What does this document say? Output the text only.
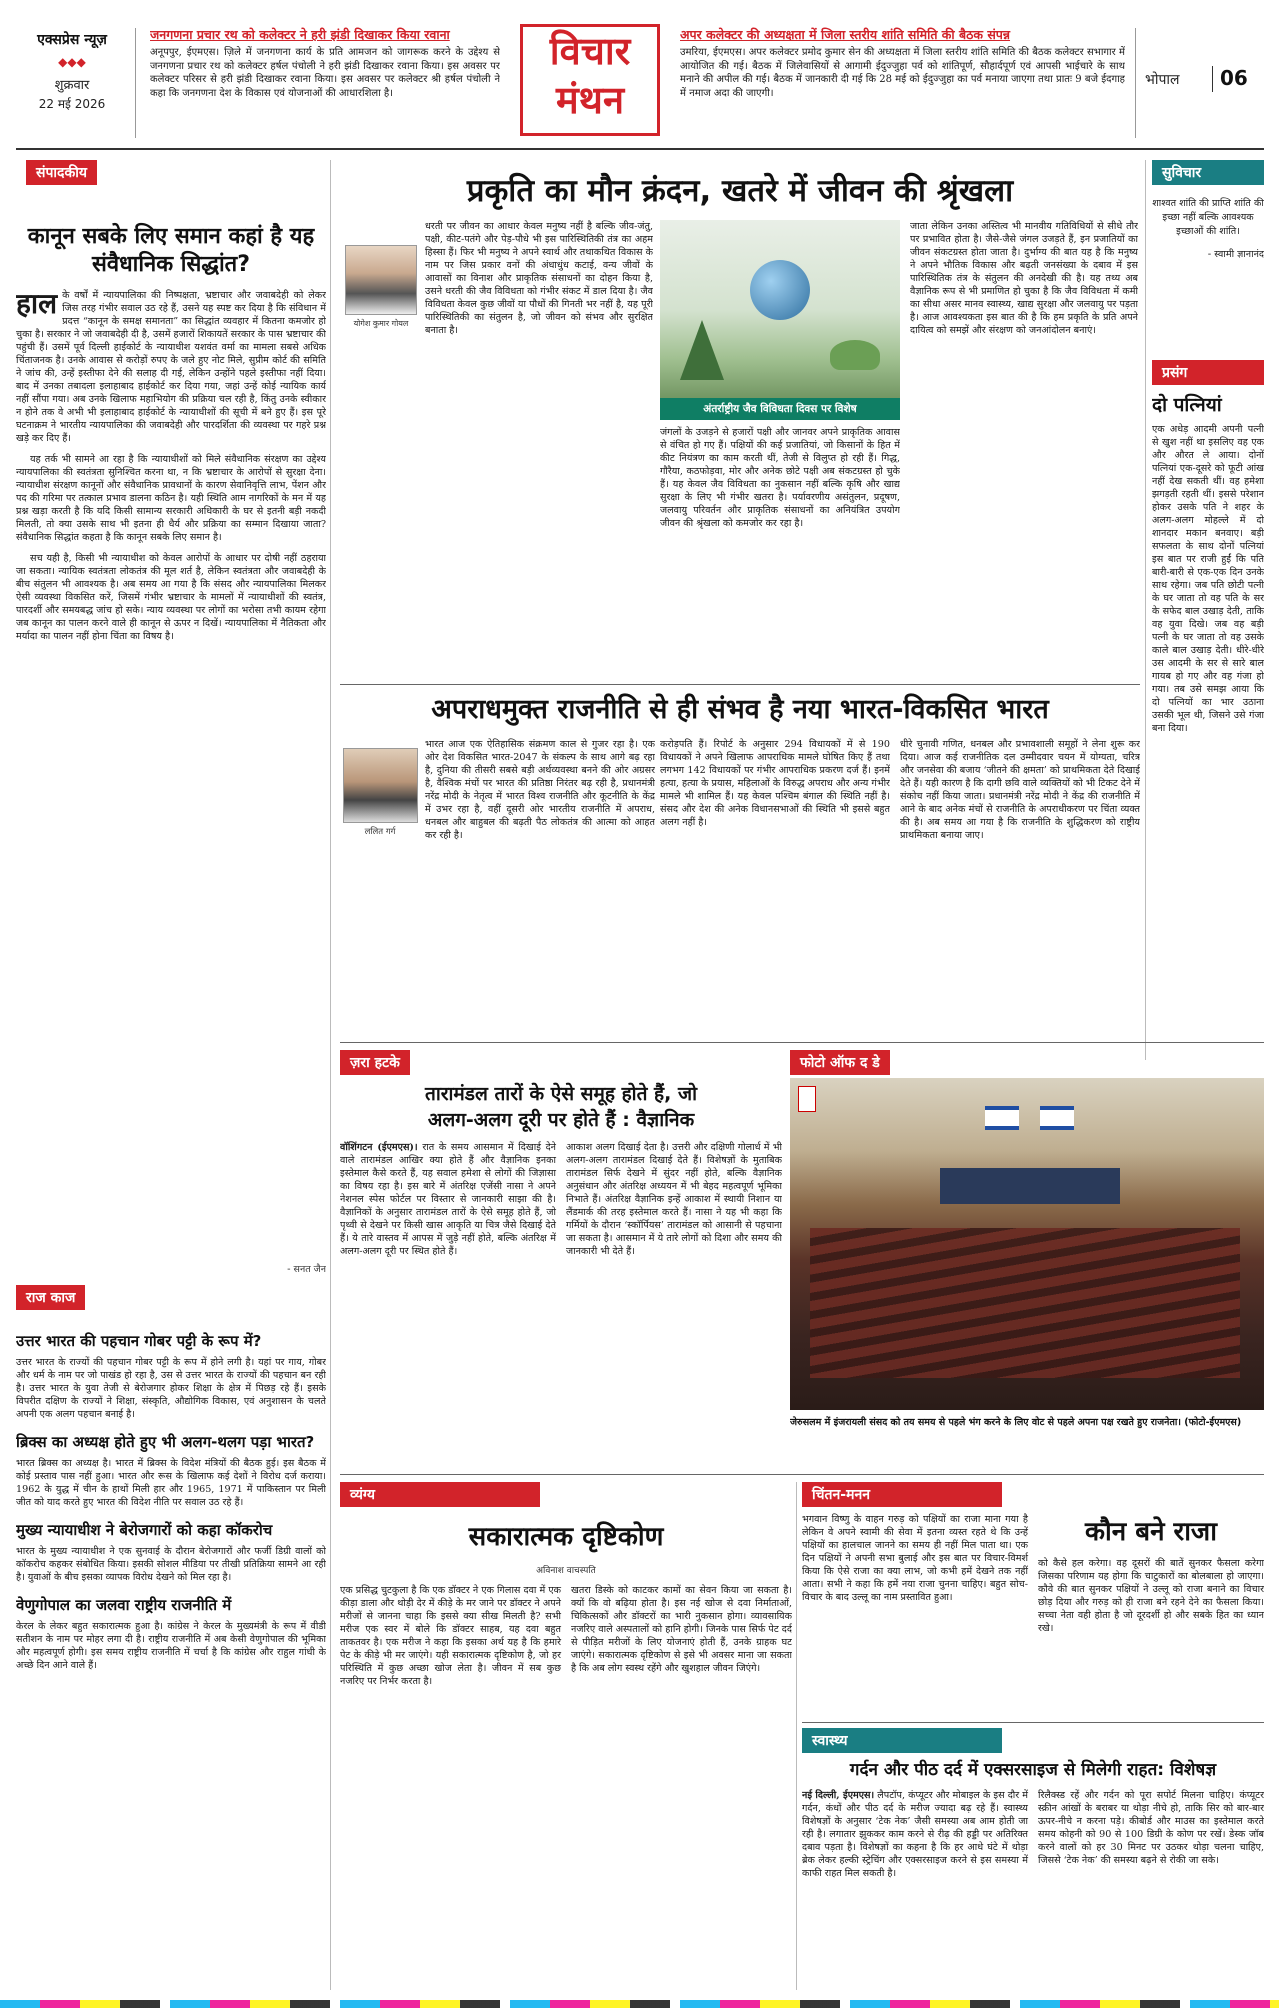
एक्सप्रेस न्यूज़
◆◆◆
शुक्रवार
22 मई 2026
जनगणना प्रचार रथ को कलेक्टर ने हरी झंडी दिखाकर किया रवाना
अनूपपुर, ईएमएस। ज़िले में जनगणना कार्य के प्रति आमजन को जागरूक करने के उद्देश्य से जनगणना प्रचार रथ को कलेक्टर हर्षल पंचोली ने हरी झंडी दिखाकर रवाना किया। इस अवसर पर कलेक्टर परिसर से हरी झंडी दिखाकर रवाना किया। इस अवसर पर कलेक्टर श्री हर्षल पंचोली ने कहा कि जनगणना देश के विकास एवं योजनाओं की आधारशिला है।
विचार
मंथन
अपर कलेक्टर की अध्यक्षता में जिला स्तरीय शांति समिति की बैठक संपन्न
उमरिया, ईएमएस। अपर कलेक्टर प्रमोद कुमार सेन की अध्यक्षता में जिला स्तरीय शांति समिति की बैठक कलेक्टर सभागार में आयोजित की गई। बैठक में जिलेवासियों से आगामी ईदुज्जुहा पर्व को शांतिपूर्ण, सौहार्दपूर्ण एवं आपसी भाईचारे के साथ मनाने की अपील की गई। बैठक में जानकारी दी गई कि 28 मई को ईदुज्जुहा का पर्व मनाया जाएगा तथा प्रातः 9 बजे ईदगाह में नमाज अदा की जाएगी।
भोपाल	06
संपादकीय
कानून सबके लिए समान कहां है यह संवैधानिक सिद्धांत?
हाल के वर्षों में न्यायपालिका की निष्पक्षता, भ्रष्टाचार और जवाबदेही को लेकर जिस तरह गंभीर सवाल उठ रहे हैं, उसने यह स्पष्ट कर दिया है कि संविधान में प्रदत्त “कानून के समक्ष समानता” का सिद्धांत व्यवहार में कितना कमजोर हो चुका है। सरकार ने जो जवाबदेही दी है, उसमें हजारों शिकायतें सरकार के पास भ्रष्टाचार की पहुंची हैं। उसमें पूर्व दिल्ली हाईकोर्ट के न्यायाधीश यशवंत वर्मा का मामला सबसे अधिक चिंताजनक है। उनके आवास से करोड़ों रुपए के जले हुए नोट मिले, सुप्रीम कोर्ट की समिति ने जांच की, उन्हें इस्तीफा देने की सलाह दी गई, लेकिन उन्होंने पहले इस्तीफा नहीं दिया। बाद में उनका तबादला इलाहाबाद हाईकोर्ट कर दिया गया, जहां उन्हें कोई न्यायिक कार्य नहीं सौंपा गया। अब उनके खिलाफ महाभियोग की प्रक्रिया चल रही है, किंतु उनके स्वीकार न होने तक वे अभी भी इलाहाबाद हाईकोर्ट के न्यायाधीशों की सूची में बने हुए हैं। इस पूरे घटनाक्रम ने भारतीय न्यायपालिका की जवाबदेही और पारदर्शिता की व्यवस्था पर गहरे प्रश्न खड़े कर दिए हैं।
यह तर्क भी सामने आ रहा है कि न्यायाधीशों को मिले संवैधानिक संरक्षण का उद्देश्य न्यायपालिका की स्वतंत्रता सुनिश्चित करना था, न कि भ्रष्टाचार के आरोपों से सुरक्षा देना। न्यायाधीश संरक्षण कानूनों और संवैधानिक प्रावधानों के कारण सेवानिवृत्ति लाभ, पेंशन और पद की गरिमा पर तत्काल प्रभाव डालना कठिन है। यही स्थिति आम नागरिकों के मन में यह प्रश्न खड़ा करती है कि यदि किसी सामान्य सरकारी अधिकारी के घर से इतनी बड़ी नकदी मिलती, तो क्या उसके साथ भी इतना ही धैर्य और प्रक्रिया का सम्मान दिखाया जाता? संवैधानिक सिद्धांत कहता है कि कानून सबके लिए समान है।
सच यही है, किसी भी न्यायाधीश को केवल आरोपों के आधार पर दोषी नहीं ठहराया जा सकता। न्यायिक स्वतंत्रता लोकतंत्र की मूल शर्त है, लेकिन स्वतंत्रता और जवाबदेही के बीच संतुलन भी आवश्यक है। अब समय आ गया है कि संसद और न्यायपालिका मिलकर ऐसी व्यवस्था विकसित करें, जिसमें गंभीर भ्रष्टाचार के मामलों में न्यायाधीशों की स्वतंत्र, पारदर्शी और समयबद्ध जांच हो सके। न्याय व्यवस्था पर लोगों का भरोसा तभी कायम रहेगा जब कानून का पालन करने वाले ही कानून से ऊपर न दिखें। न्यायपालिका में नैतिकता और मर्यादा का पालन नहीं होना चिंता का विषय है।
- सनत जैन
राज काज
उत्तर भारत की पहचान गोबर पट्टी के रूप में?
उत्तर भारत के राज्यों की पहचान गोबर पट्टी के रूप में होने लगी है। यहां पर गाय, गोबर और धर्म के नाम पर जो पाखंड हो रहा है, उस से उत्तर भारत के राज्यों की पहचान बन रही है। उत्तर भारत के युवा तेजी से बेरोजगार होकर शिक्षा के क्षेत्र में पिछड़ रहे हैं। इसके विपरीत दक्षिण के राज्यों ने शिक्षा, संस्कृति, औद्योगिक विकास, एवं अनुशासन के चलते अपनी एक अलग पहचान बनाई है।
ब्रिक्स का अध्यक्ष होते हुए भी अलग-थलग पड़ा भारत?
भारत ब्रिक्स का अध्यक्ष है। भारत में ब्रिक्स के विदेश मंत्रियों की बैठक हुई। इस बैठक में कोई प्रस्ताव पास नहीं हुआ। भारत और रूस के खिलाफ कई देशों ने विरोध दर्ज कराया। 1962 के युद्ध में चीन के हाथों मिली हार और 1965, 1971 में पाकिस्तान पर मिली जीत को याद करते हुए भारत की विदेश नीति पर सवाल उठ रहे हैं।
मुख्य न्यायाधीश ने बेरोजगारों को कहा कॉकरोच
भारत के मुख्य न्यायाधीश ने एक सुनवाई के दौरान बेरोजगारों और फर्जी डिग्री वालों को कॉकरोच कहकर संबोधित किया। इसकी सोशल मीडिया पर तीखी प्रतिक्रिया सामने आ रही है। युवाओं के बीच इसका व्यापक विरोध देखने को मिल रहा है।
वेणुगोपाल का जलवा राष्ट्रीय राजनीति में
केरल के लेकर बहुत सकारात्मक हुआ है। कांग्रेस ने केरल के मुख्यमंत्री के रूप में वीडी सतीशन के नाम पर मोहर लगा दी है। राष्ट्रीय राजनीति में अब केसी वेणुगोपाल की भूमिका और महत्वपूर्ण होगी। इस समय राष्ट्रीय राजनीति में चर्चा है कि कांग्रेस और राहुल गांधी के अच्छे दिन आने वाले हैं।
प्रकृति का मौन क्रंदन, खतरे में जीवन की श्रृंखला
योगेश कुमार गोयल
धरती पर जीवन का आधार केवल मनुष्य नहीं है बल्कि जीव-जंतु, पक्षी, कीट-पतंगे और पेड़-पौधे भी इस पारिस्थितिकी तंत्र का अहम हिस्सा हैं। फिर भी मनुष्य ने अपने स्वार्थ और तथाकथित विकास के नाम पर जिस प्रकार वनों की अंधाधुंध कटाई, वन्य जीवों के आवासों का विनाश और प्राकृतिक संसाधनों का दोहन किया है, उसने धरती की जैव विविधता को गंभीर संकट में डाल दिया है। जैव विविधता केवल कुछ जीवों या पौधों की गिनती भर नहीं है, यह पूरी पारिस्थितिकी का संतुलन है, जो जीवन को संभव और सुरक्षित बनाता है।
अंतर्राष्ट्रीय जैव विविधता दिवस पर विशेष
जंगलों के उजड़ने से हजारों पक्षी और जानवर अपने प्राकृतिक आवास से वंचित हो गए हैं। पक्षियों की कई प्रजातियां, जो किसानों के हित में कीट नियंत्रण का काम करती थीं, तेजी से विलुप्त हो रही हैं। गिद्ध, गौरैया, कठफोड़वा, मोर और अनेक छोटे पक्षी अब संकटग्रस्त हो चुके हैं। यह केवल जैव विविधता का नुकसान नहीं बल्कि कृषि और खाद्य सुरक्षा के लिए भी गंभीर खतरा है। पर्यावरणीय असंतुलन, प्रदूषण, जलवायु परिवर्तन और प्राकृतिक संसाधनों का अनियंत्रित उपयोग जीवन की श्रृंखला को कमजोर कर रहा है।
जाता लेकिन उनका अस्तित्व भी मानवीय गतिविधियों से सीधे तौर पर प्रभावित होता है। जैसे-जैसे जंगल उजड़ते हैं, इन प्रजातियों का जीवन संकटग्रस्त होता जाता है। दुर्भाग्य की बात यह है कि मनुष्य ने अपने भौतिक विकास और बढ़ती जनसंख्या के दबाव में इस पारिस्थितिक तंत्र के संतुलन की अनदेखी की है। यह तथ्य अब वैज्ञानिक रूप से भी प्रमाणित हो चुका है कि जैव विविधता में कमी का सीधा असर मानव स्वास्थ्य, खाद्य सुरक्षा और जलवायु पर पड़ता है। आज आवश्यकता इस बात की है कि हम प्रकृति के प्रति अपने दायित्व को समझें और संरक्षण को जनआंदोलन बनाएं।
सुविचार
शाश्वत शांति की प्राप्ति शांति की इच्छा नहीं बल्कि आवश्यक इच्छाओं की शांति।
- स्वामी ज्ञानानंद
प्रसंग
दो पत्नियां
एक अधेड़ आदमी अपनी पत्नी से खुश नहीं था इसलिए वह एक और औरत ले आया। दोनों पत्नियां एक-दूसरे को फूटी आंख नहीं देख सकती थीं। वह हमेशा झगड़ती रहती थीं। इससे परेशान होकर उसके पति ने शहर के अलग-अलग मोहल्ले में दो शानदार मकान बनवाए। बड़ी सफलता के साथ दोनों पत्नियां इस बात पर राजी हुईं कि पति बारी-बारी से एक-एक दिन उनके साथ रहेगा। जब पति छोटी पत्नी के घर जाता तो वह पति के सर के सफेद बाल उखाड़ देती, ताकि वह युवा दिखे। जब वह बड़ी पत्नी के घर जाता तो वह उसके काले बाल उखाड़ देती। धीरे-धीरे उस आदमी के सर से सारे बाल गायब हो गए और वह गंजा हो गया। तब उसे समझ आया कि दो पत्नियों का भार उठाना उसकी भूल थी, जिसने उसे गंजा बना दिया।
अपराधमुक्त राजनीति से ही संभव है नया भारत-विकसित भारत
ललित गर्ग
भारत आज एक ऐतिहासिक संक्रमण काल से गुजर रहा है। एक ओर देश विकसित भारत-2047 के संकल्प के साथ आगे बढ़ रहा है, दुनिया की तीसरी सबसे बड़ी अर्थव्यवस्था बनने की ओर अग्रसर है, वैश्विक मंचों पर भारत की प्रतिष्ठा निरंतर बढ़ रही है, प्रधानमंत्री नरेंद्र मोदी के नेतृत्व में भारत विश्व राजनीति और कूटनीति के केंद्र में उभर रहा है, वहीं दूसरी ओर भारतीय राजनीति में अपराध, धनबल और बाहुबल की बढ़ती पैठ लोकतंत्र की आत्मा को आहत कर रही है।
करोड़पति हैं। रिपोर्ट के अनुसार 294 विधायकों में से 190 विधायकों ने अपने खिलाफ आपराधिक मामले घोषित किए हैं तथा लगभग 142 विधायकों पर गंभीर आपराधिक प्रकरण दर्ज हैं। इनमें हत्या, हत्या के प्रयास, महिलाओं के विरुद्ध अपराध और अन्य गंभीर मामले भी शामिल हैं। यह केवल पश्चिम बंगाल की स्थिति नहीं है। संसद और देश की अनेक विधानसभाओं की स्थिति भी इससे बहुत अलग नहीं है।
धीरे चुनावी गणित, धनबल और प्रभावशाली समूहों ने लेना शुरू कर दिया। आज कई राजनीतिक दल उम्मीदवार चयन में योग्यता, चरित्र और जनसेवा की बजाय ‘जीतने की क्षमता’ को प्राथमिकता देते दिखाई देते हैं। यही कारण है कि दागी छवि वाले व्यक्तियों को भी टिकट देने में संकोच नहीं किया जाता। प्रधानमंत्री नरेंद्र मोदी ने केंद्र की राजनीति में आने के बाद अनेक मंचों से राजनीति के अपराधीकरण पर चिंता व्यक्त की है। अब समय आ गया है कि राजनीति के शुद्धिकरण को राष्ट्रीय प्राथमिकता बनाया जाए।
ज़रा हटके
तारामंडल तारों के ऐसे समूह होते हैं, जो
अलग-अलग दूरी पर होते हैं : वैज्ञानिक
वॉशिंगटन (ईएमएस)। रात के समय आसमान में दिखाई देने वाले तारामंडल आखिर क्या होते हैं और वैज्ञानिक इनका इस्तेमाल कैसे करते हैं, यह सवाल हमेशा से लोगों की जिज्ञासा का विषय रहा है। इस बारे में अंतरिक्ष एजेंसी नासा ने अपने नेशनल स्पेस फोर्टल पर विस्तार से जानकारी साझा की है। वैज्ञानिकों के अनुसार तारामंडल तारों के ऐसे समूह होते हैं, जो पृथ्वी से देखने पर किसी खास आकृति या चित्र जैसे दिखाई देते हैं। ये तारे वास्तव में आपस में जुड़े नहीं होते, बल्कि अंतरिक्ष में अलग-अलग दूरी पर स्थित होते हैं।
आकाश अलग दिखाई देता है। उत्तरी और दक्षिणी गोलार्ध में भी अलग-अलग तारामंडल दिखाई देते हैं। विशेषज्ञों के मुताबिक तारामंडल सिर्फ देखने में सुंदर नहीं होते, बल्कि वैज्ञानिक अनुसंधान और अंतरिक्ष अध्ययन में भी बेहद महत्वपूर्ण भूमिका निभाते हैं। अंतरिक्ष वैज्ञानिक इन्हें आकाश में स्थायी निशान या लैंडमार्क की तरह इस्तेमाल करते हैं। नासा ने यह भी कहा कि गर्मियों के दौरान ‘स्कॉर्पियस’ तारामंडल को आसानी से पहचाना जा सकता है। आसमान में ये तारे लोगों को दिशा और समय की जानकारी भी देते हैं।
फोटो ऑफ द डे
जेरुसलम में इंजरायली संसद को तय समय से पहले भंग करने के लिए वोट से पहले अपना पक्ष रखते हुए राजनेता। (फोटो-ईएमएस)
व्यंग्य
सकारात्मक दृष्टिकोण
अविनाश वाचस्पति
एक प्रसिद्ध चुटकुला है कि एक डॉक्टर ने एक गिलास दवा में एक कीड़ा डाला और थोड़ी देर में कीड़े के मर जाने पर डॉक्टर ने अपने मरीजों से जानना चाहा कि इससे क्या सीख मिलती है? सभी मरीज एक स्वर में बोले कि डॉक्टर साहब, यह दवा बहुत ताकतवर है। एक मरीज ने कहा कि इसका अर्थ यह है कि हमारे पेट के कीड़े भी मर जाएंगे। यही सकारात्मक दृष्टिकोण है, जो हर परिस्थिति में कुछ अच्छा खोज लेता है। जीवन में सब कुछ नजरिए पर निर्भर करता है।
खतरा डिस्के को काटकर कामों का सेवन किया जा सकता है। क्यों कि वो बढ़िया होता है। इस नई खोज से दवा निर्माताओं, चिकित्सकों और डॉक्टरों का भारी नुकसान होगा। व्यावसायिक नजरिए वाले अस्पतालों को हानि होगी। जिनके पास सिर्फ पेट दर्द से पीड़ित मरीजों के लिए योजनाएं होती हैं, उनके ग्राहक घट जाएंगे। सकारात्मक दृष्टिकोण से इसे भी अवसर माना जा सकता है कि अब लोग स्वस्थ रहेंगे और खुशहाल जीवन जिएंगे।
चिंतन-मनन
भगवान विष्णु के वाहन गरुड़ को पक्षियों का राजा माना गया है लेकिन वे अपने स्वामी की सेवा में इतना व्यस्त रहते थे कि उन्हें पक्षियों का हालचाल जानने का समय ही नहीं मिल पाता था। एक दिन पक्षियों ने अपनी सभा बुलाई और इस बात पर विचार-विमर्श किया कि ऐसे राजा का क्या लाभ, जो कभी हमें देखने तक नहीं आता। सभी ने कहा कि हमें नया राजा चुनना चाहिए। बहुत सोच-विचार के बाद उल्लू का नाम प्रस्तावित हुआ।
कौन बने राजा
को कैसे हल करेगा। वह दूसरों की बातें सुनकर फैसला करेगा जिसका परिणाम यह होगा कि चाटुकारों का बोलबाला हो जाएगा। कौवे की बात सुनकर पक्षियों ने उल्लू को राजा बनाने का विचार छोड़ दिया और गरुड़ को ही राजा बने रहने देने का फैसला किया। सच्चा नेता वही होता है जो दूरदर्शी हो और सबके हित का ध्यान रखे।
स्वास्थ्य
गर्दन और पीठ दर्द में एक्सरसाइज से मिलेगी राहत: विशेषज्ञ
नई दिल्ली, ईएमएस। लैपटॉप, कंप्यूटर और मोबाइल के इस दौर में गर्दन, कंधों और पीठ दर्द के मरीज ज्यादा बढ़ रहे हैं। स्वास्थ्य विशेषज्ञों के अनुसार ‘टेक नेक’ जैसी समस्या अब आम होती जा रही है। लगातार झुककर काम करने से रीढ़ की हड्डी पर अतिरिक्त दबाव पड़ता है। विशेषज्ञों का कहना है कि हर आधे घंटे में थोड़ा ब्रेक लेकर हल्की स्ट्रेचिंग और एक्सरसाइज करने से इस समस्या में काफी राहत मिल सकती है।
रिलैक्स्ड रहें और गर्दन को पूरा सपोर्ट मिलना चाहिए। कंप्यूटर स्क्रीन आंखों के बराबर या थोड़ा नीचे हो, ताकि सिर को बार-बार ऊपर-नीचे न करना पड़े। कीबोर्ड और माउस का इस्तेमाल करते समय कोहनी को 90 से 100 डिग्री के कोण पर रखें। डेस्क जॉब करने वालों को हर 30 मिनट पर उठकर थोड़ा चलना चाहिए, जिससे ‘टेक नेक’ की समस्या बढ़ने से रोकी जा सके।
